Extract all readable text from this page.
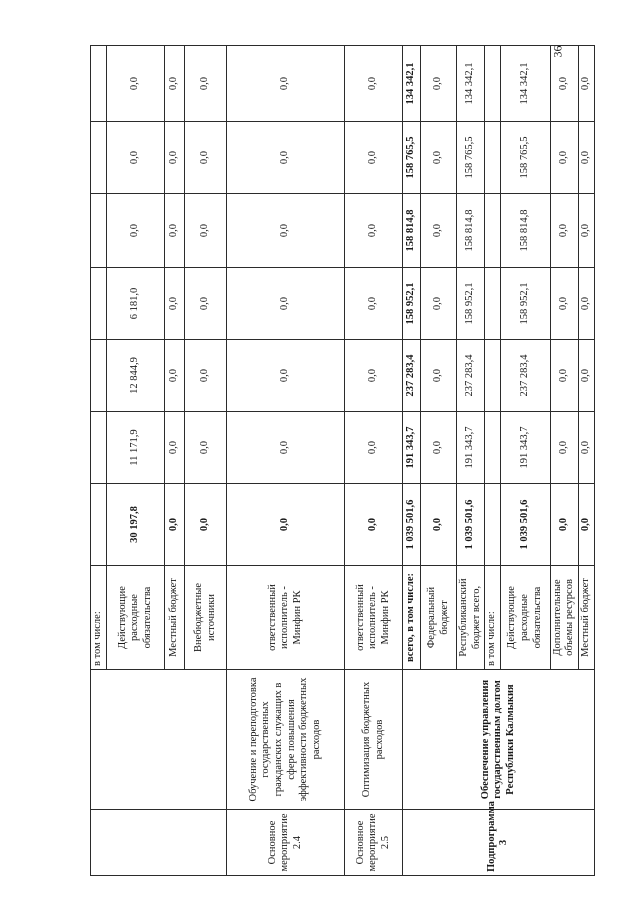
36
		в том числе:							
		Действующие расходные обязательства	30 197,8	11 171,9	12 844,9	6 181,0	0,0	0,0	0,0
		Местный бюджет	0,0	0,0	0,0	0,0	0,0	0,0	0,0
		Внебюджетные источники	0,0	0,0	0,0	0,0	0,0	0,0	0,0
Основное мероприятие 2.4	Обучение и переподготовка государственных гражданских служащих в сфере повышения эффективности бюджетных расходов	ответственный исполнитель - Минфин РК	0,0	0,0	0,0	0,0	0,0	0,0	0,0
Основное мероприятие 2.5	Оптимизация бюджетных расходов	ответственный исполнитель - Минфин РК	0,0	0,0	0,0	0,0	0,0	0,0	0,0
Подпрограмма 3	Обеспечение управления государственным долгом Республики Калмыкия	всего, в том числе:	1 039 501,6	191 343,7	237 283,4	158 952,1	158 814,8	158 765,5	134 342,1
		Федеральный бюджет	0,0	0,0	0,0	0,0	0,0	0,0	0,0
		Республиканский бюджет всего,	1 039 501,6	191 343,7	237 283,4	158 952,1	158 814,8	158 765,5	134 342,1
		в том числе:							
		Действующие расходные обязательства	1 039 501,6	191 343,7	237 283,4	158 952,1	158 814,8	158 765,5	134 342,1
		Дополнительные объемы ресурсов	0,0	0,0	0,0	0,0	0,0	0,0	0,0
		Местный бюджет	0,0	0,0	0,0	0,0	0,0	0,0	0,0
